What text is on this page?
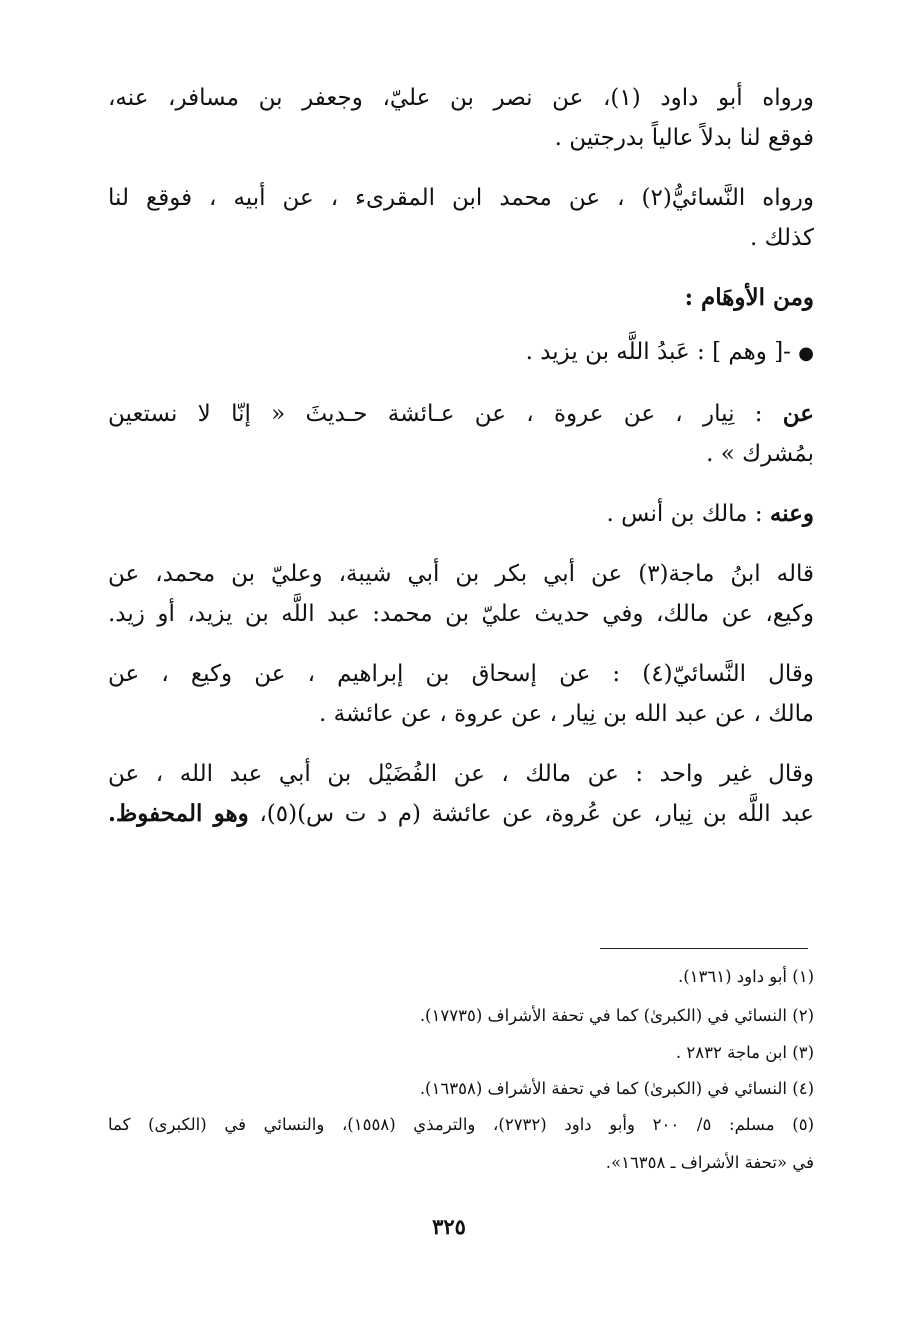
ورواه أبو داود (١)، عن نصر بن عليّ، وجعفر بن مسافر، عنه،
فوقع لنا بدلاً عالياً بدرجتين .
ورواه النَّسائيُّ(٢) ، عن محمد ابن المقرىء ، عن أبيه ، فوقع لنا
كذلك .
ومن الأوهَام :
● -[ وهم ] : عَبدُ اللَّه بن يزيد .
عن : نِيار ، عن عروة ، عن عـائشة حـديثَ « إنّا لا نستعين
بمُشرك » .
وعنه : مالك بن أنس .
قاله ابنُ ماجة(٣) عن أبي بكر بن أبي شيبة، وعليّ بن محمد، عن
وكيع، عن مالك، وفي حديث عليّ بن محمد: عبد اللَّه بن يزيد، أو زيد.
وقال النَّسائيّ(٤) : عن إسحاق بن إبراهيم ، عن وكيع ، عن
مالك ، عن عبد الله بن نِيار ، عن عروة ، عن عائشة .
وقال غير واحد : عن مالك ، عن الفُضَيْل بن أبي عبد الله ، عن
عبد اللَّه بن نِيار، عن عُروة، عن عائشة (م د ت س)(٥)، وهو المحفوظ.
(١) أبو داود (١٣٦١).
(٢) النسائي في (الكبرىٰ) كما في تحفة الأشراف (١٧٧٣٥).
(٣) ابن ماجة ٢٨٣٢ .
(٤) النسائي في (الكبرىٰ) كما في تحفة الأشراف (١٦٣٥٨).
(٥) مسلم: ٥/ ٢٠٠ وأبو داود (٢٧٣٢)، والترمذي (١٥٥٨)، والنسائي في (الكبرى) كما
في «تحفة الأشراف ـ ١٦٣٥٨».
٣٢٥
